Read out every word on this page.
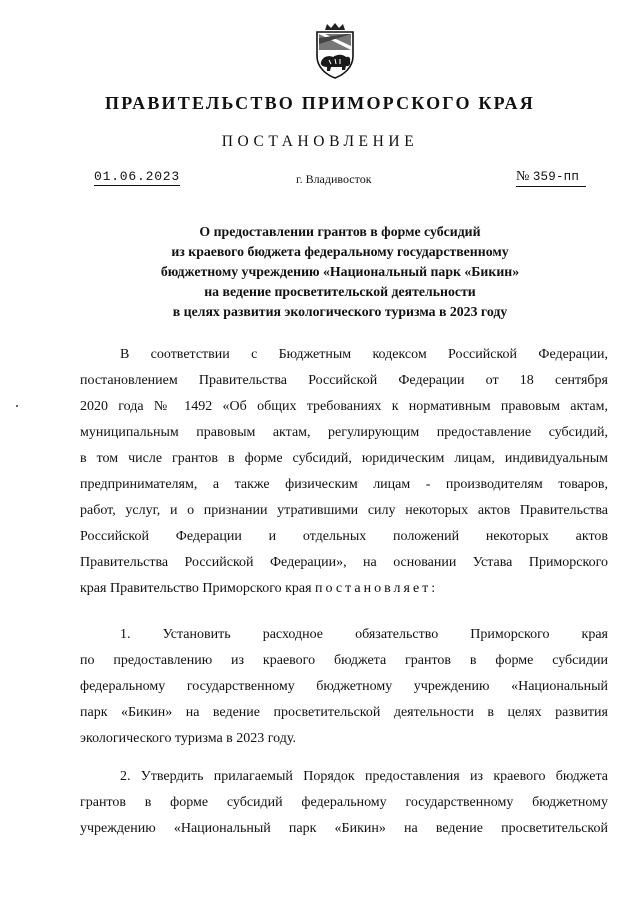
ПРАВИТЕЛЬСТВО ПРИМОРСКОГО КРАЯ
ПОСТАНОВЛЕНИЕ
01.06.2023	г. Владивосток	№ 359-пп
О предоставлении грантов в форме субсидий
из краевого бюджета федеральному государственному
бюджетному учреждению «Национальный парк «Бикин»
на ведение просветительской деятельности
в целях развития экологического туризма в 2023 году
В соответствии с Бюджетным кодексом Российской Федерации,
постановлением Правительства Российской Федерации от 18 сентября
2020 года № 1492 «Об общих требованиях к нормативным правовым актам,
муниципальным правовым актам, регулирующим предоставление субсидий,
в том числе грантов в форме субсидий, юридическим лицам, индивидуальным
предпринимателям, а также физическим лицам - производителям товаров,
работ, услуг, и о признании утратившими силу некоторых актов Правительства
Российской Федерации и отдельных положений некоторых актов
Правительства Российской Федерации», на основании Устава Приморского
края Правительство Приморского края постановляет:
1. Установить расходное обязательство Приморского края
по предоставлению из краевого бюджета грантов в форме субсидии
федеральному государственному бюджетному учреждению «Национальный
парк «Бикин» на ведение просветительской деятельности в целях развития
экологического туризма в 2023 году.
2. Утвердить прилагаемый Порядок предоставления из краевого бюджета
грантов в форме субсидий федеральному государственному бюджетному
учреждению «Национальный парк «Бикин» на ведение просветительской
